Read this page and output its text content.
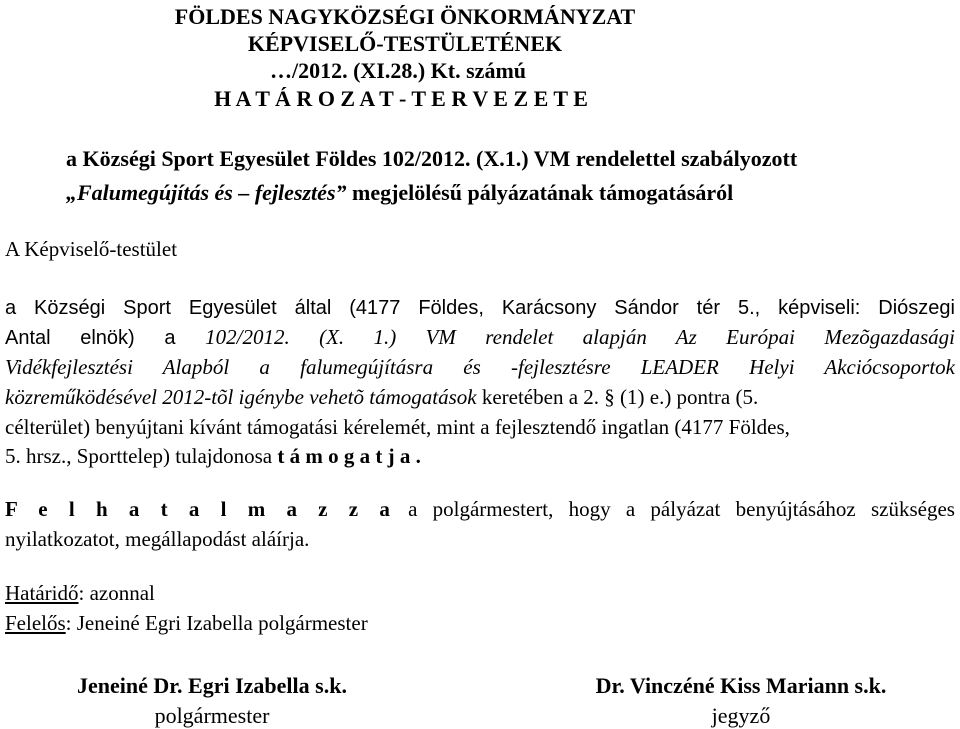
FÖLDES NAGYKÖZSÉGI ÖNKORMÁNYZAT
KÉPVISELŐ-TESTÜLETÉNEK
…/2012. (XI.28.) Kt. számú
H A T Á R O Z A T - T E R V E Z E T E
a Községi Sport Egyesület Földes 102/2012. (X.1.) VM rendelettel szabályozott
„Falumegújítás és – fejlesztés” megjelölésű pályázatának támogatásáról
A Képviselő-testület
a Községi Sport Egyesület által (4177 Földes, Karácsony Sándor tér 5., képviseli: Diószegi
Antal elnök) a 102/2012. (X. 1.) VM rendelet alapján Az Európai Mezõgazdasági
Vidékfejlesztési Alapból a falumegújításra és -fejlesztésre LEADER Helyi Akciócsoportok
közreműködésével 2012-tõl igénybe vehetõ támogatások keretében a 2. § (1) e.) pontra (5.
célterület) benyújtani kívánt támogatási kérelemét, mint a fejlesztendő ingatlan (4177 Földes,
5. hrsz., Sporttelep) tulajdonosa t á m o g a t j a .
F e l h a t a l m a z z a a polgármestert, hogy a pályázat benyújtásához szükséges
nyilatkozatot, megállapodást aláírja.
Határidő: azonnal
Felelős: Jeneiné Egri Izabella polgármester
Jeneiné Dr. Egri Izabella s.k.
polgármester
Dr. Vinczéné Kiss Mariann s.k.
jegyző
